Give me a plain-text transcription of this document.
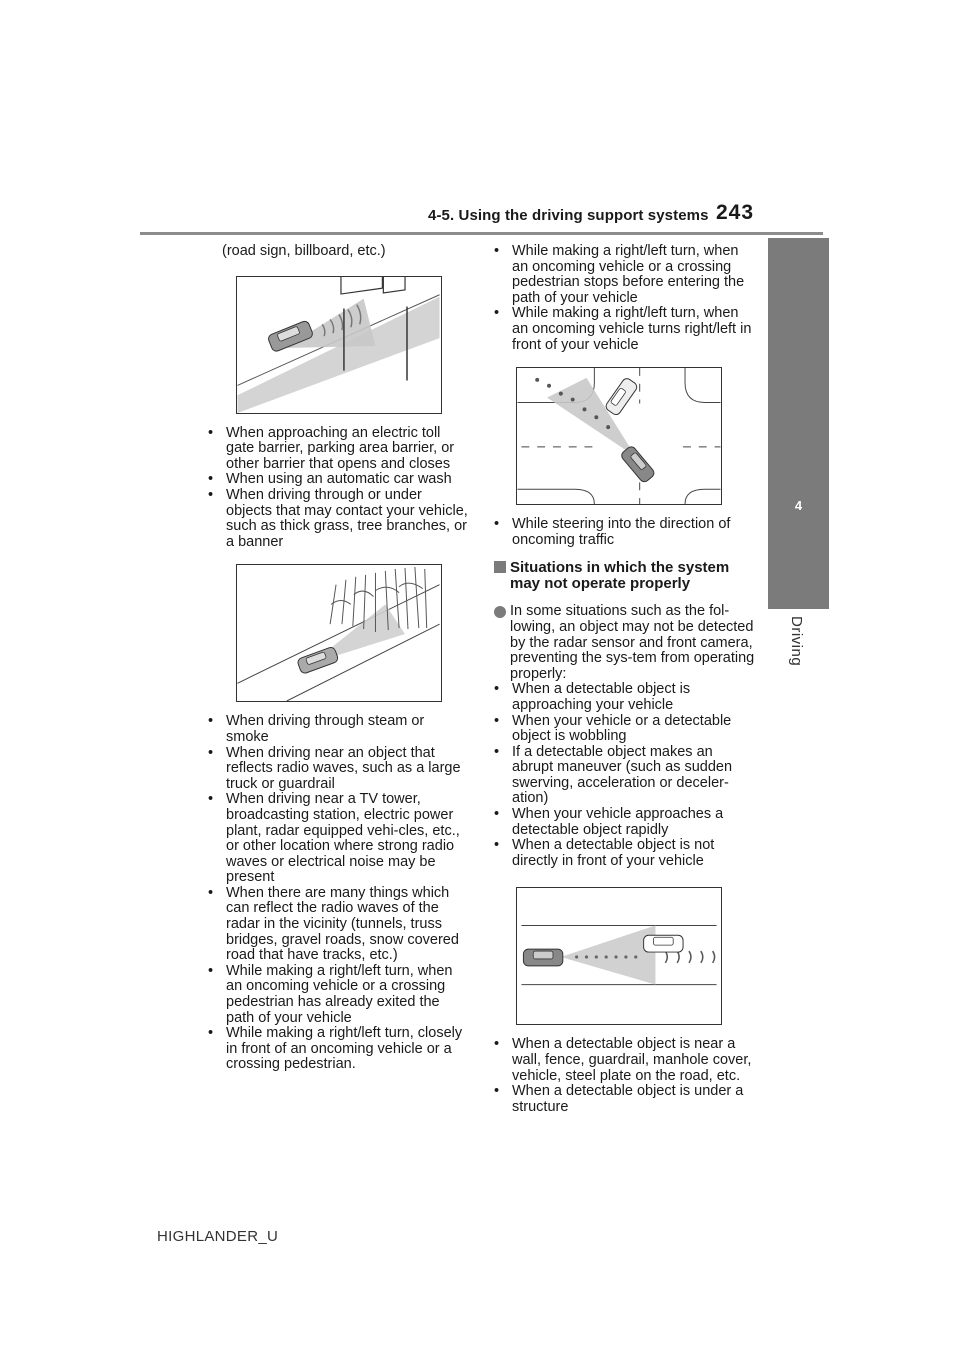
4-5. Using the driving support systems 243
4
Driving
(road sign, billboard, etc.)
• When approaching an electric toll gate barrier, parking area barrier, or other barrier that opens and closes
• When using an automatic car wash
• When driving through or under objects that may contact your vehicle, such as thick grass, tree branches, or a banner
• When driving through steam or smoke
• When driving near an object that reflects radio waves, such as a large truck or guardrail
• When driving near a TV tower, broadcasting station, electric power plant, radar equipped vehi-cles, etc., or other location where strong radio waves or electrical noise may be present
• When there are many things which can reflect the radio waves of the radar in the vicinity (tunnels, truss bridges, gravel roads, snow covered road that have tracks, etc.)
• While making a right/left turn, when an oncoming vehicle or a crossing pedestrian has already exited the path of your vehicle
• While making a right/left turn, closely in front of an oncoming vehicle or a crossing pedestrian.
• While making a right/left turn, when an oncoming vehicle or a crossing pedestrian stops before entering the path of your vehicle
• While making a right/left turn, when an oncoming vehicle turns right/left in front of your vehicle
• While steering into the direction of oncoming traffic
Situations in which the system may not operate properly
In some situations such as the fol-lowing, an object may not be detected by the radar sensor and front camera, preventing the sys-tem from operating properly:
• When a detectable object is approaching your vehicle
• When your vehicle or a detectable object is wobbling
• If a detectable object makes an abrupt maneuver (such as sudden swerving, acceleration or deceler-ation)
• When your vehicle approaches a detectable object rapidly
• When a detectable object is not directly in front of your vehicle
• When a detectable object is near a wall, fence, guardrail, manhole cover, vehicle, steel plate on the road, etc.
• When a detectable object is under a structure
HIGHLANDER_U
